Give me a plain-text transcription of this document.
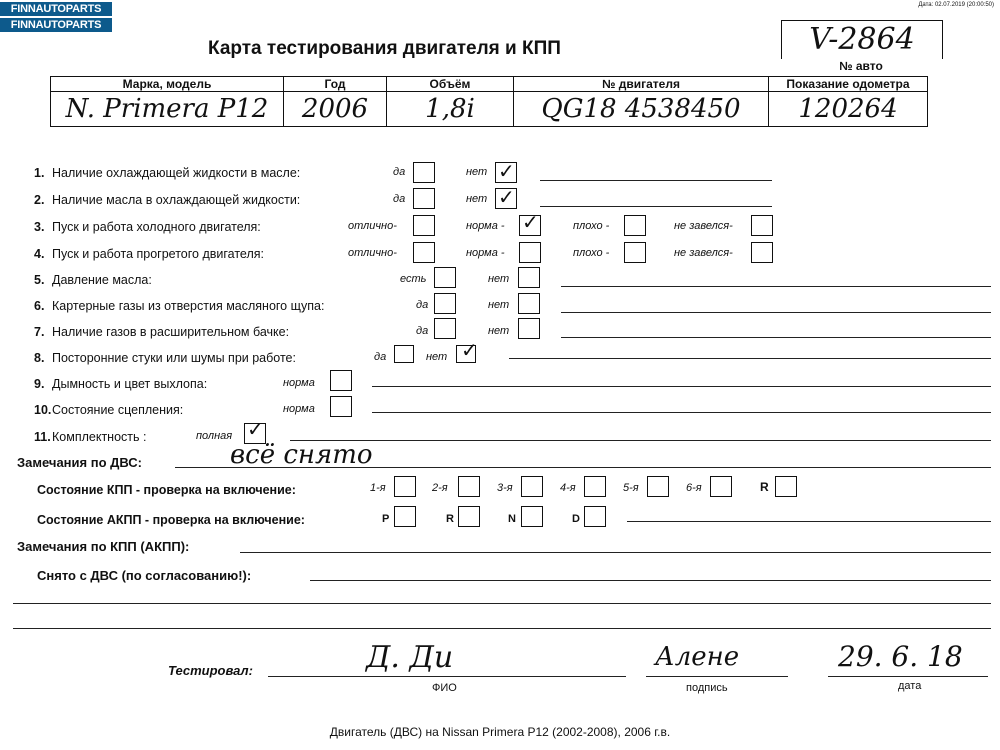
FINNAUTOPARTS
FINNAUTOPARTS
Дата: 02.07.2019 (20:00:50)
Карта тестирования двигателя и КПП	V-2864
№ авто
Марка, модель	Год	Объём	№ двигателя	Показание одометра
N. Primera P12	2006	1,8i	QG18 4538450	120264
1. Наличие охлаждающей жидкости в масле:	да	нет ✓
2. Наличие масла в охлаждающей жидкости:	да	нет ✓
3. Пуск и работа холодного двигателя:	отлично-	норма - ✓	плохо -	не завелся-
4. Пуск и работа прогретого двигателя:	отлично-	норма -	плохо -	не завелся-
5. Давление масла:	есть	нет
6. Картерные газы из отверстия масляного щупа:	да	нет
7. Наличие газов в расширительном бачке:	да	нет
8. Посторонние стуки или шумы при работе:	да	нет ✓
9. Дымность и цвет выхлопа:	норма
10.Состояние сцепления:	норма
11.Комплектность :	полная ✓
Замечания по ДВС:	всё снято
Состояние КПП - проверка на включение:	1-я	2-я	3-я	4-я	5-я	6-я	R
Состояние АКПП - проверка на включение:	P	R	N	D
Замечания по КПП (АКПП):
Снято с ДВС (по согласованию!):
Тестировал:	Д. Ди	Алене	29. 6. 18
ФИО	подпись	дата
Двигатель (ДВС) на Nissan Primera P12 (2002-2008), 2006 г.в.
